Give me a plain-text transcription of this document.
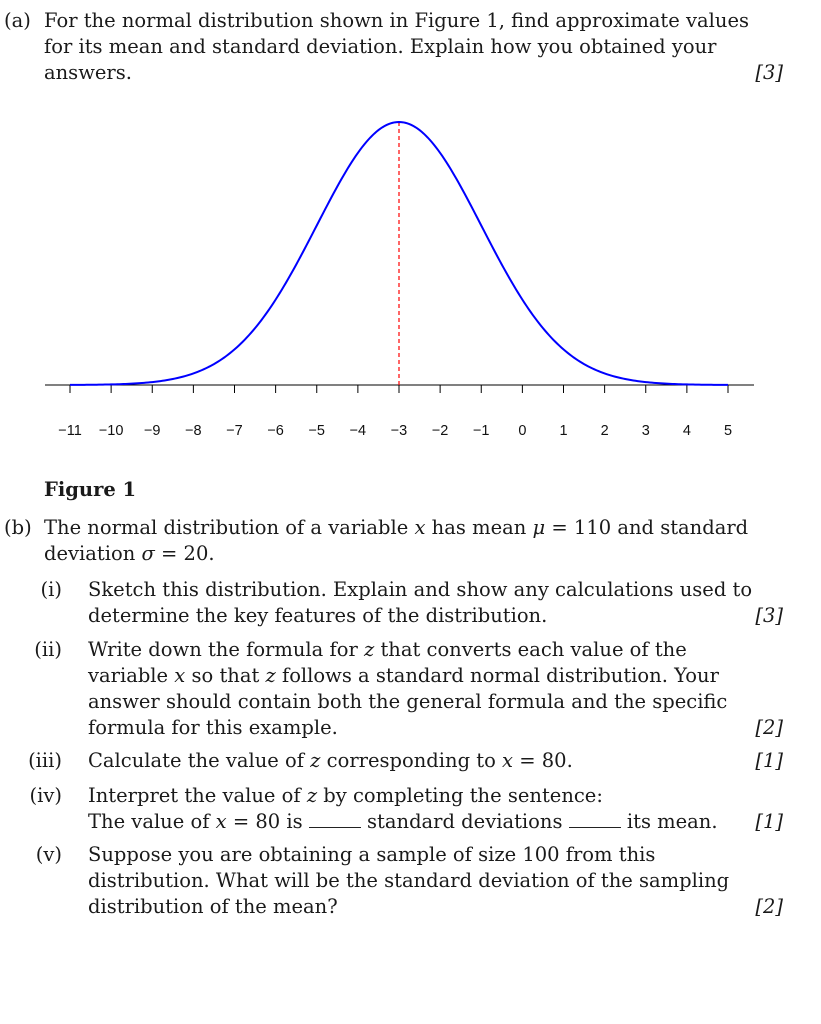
(a) For the normal distribution shown in Figure 1, find approximate values
for its mean and standard deviation. Explain how you obtained your
answers.	[3]
−11 −10 −9 −8 −7 −6 −5 −4 −3 −2 −1 0 1 2 3 4 5
Figure 1
(b) The normal distribution of a variable x has mean μ = 110 and standard
deviation σ = 20.
(i) Sketch this distribution. Explain and show any calculations used to
determine the key features of the distribution.	[3]
(ii) Write down the formula for z that converts each value of the
variable x so that z follows a standard normal distribution. Your
answer should contain both the general formula and the specific
formula for this example.	[2]
(iii) Calculate the value of z corresponding to x = 80.	[1]
(iv) Interpret the value of z by completing the sentence:
The value of x = 80 is	standard deviations	its mean. [1]
(v) Suppose you are obtaining a sample of size 100 from this
distribution. What will be the standard deviation of the sampling
distribution of the mean?	[2]
